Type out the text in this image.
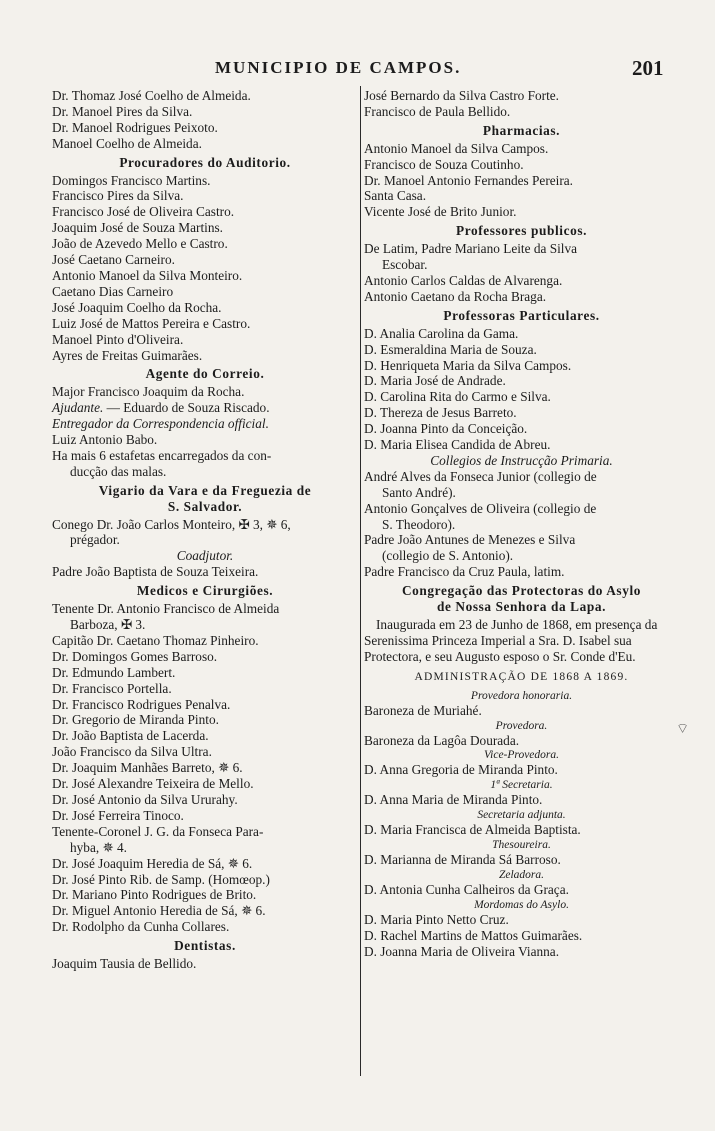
MUNICIPIO DE CAMPOS.	201
Dr. Thomaz José Coelho de Almeida.
Dr. Manoel Pires da Silva.
Dr. Manoel Rodrigues Peixoto.
Manoel Coelho de Almeida.
Procuradores do Auditorio.
Domingos Francisco Martins.
Francisco Pires da Silva.
Francisco José de Oliveira Castro.
Joaquim José de Souza Martins.
João de Azevedo Mello e Castro.
José Caetano Carneiro.
Antonio Manoel da Silva Monteiro.
Caetano Dias Carneiro
José Joaquim Coelho da Rocha.
Luiz José de Mattos Pereira e Castro.
Manoel Pinto d'Oliveira.
Ayres de Freitas Guimarães.
Agente do Correio.
Major Francisco Joaquim da Rocha.
Ajudante. — Eduardo de Souza Riscado.
Entregador da Correspondencia official.
Luiz Antonio Babo.
Ha mais 6 estafetas encarregados da con-
ducção das malas.
Vigario da Vara e da Freguezia de
S. Salvador.
Conego Dr. João Carlos Monteiro, ✠ 3, ✵ 6,
prégador.
Coadjutor.
Padre João Baptista de Souza Teixeira.
Medicos e Cirurgiões.
Tenente Dr. Antonio Francisco de Almeida
Barboza, ✠ 3.
Capitão Dr. Caetano Thomaz Pinheiro.
Dr. Domingos Gomes Barroso.
Dr. Edmundo Lambert.
Dr. Francisco Portella.
Dr. Francisco Rodrigues Penalva.
Dr. Gregorio de Miranda Pinto.
Dr. João Baptista de Lacerda.
João Francisco da Silva Ultra.
Dr. Joaquim Manhães Barreto, ✵ 6.
Dr. José Alexandre Teixeira de Mello.
Dr. José Antonio da Silva Ururahy.
Dr. José Ferreira Tinoco.
Tenente-Coronel J. G. da Fonseca Para-
hyba, ✵ 4.
Dr. José Joaquim Heredia de Sá, ✵ 6.
Dr. José Pinto Rib. de Samp. (Homœop.)
Dr. Mariano Pinto Rodrigues de Brito.
Dr. Miguel Antonio Heredia de Sá, ✵ 6.
Dr. Rodolpho da Cunha Collares.
Dentistas.
Joaquim Tausia de Bellido.
José Bernardo da Silva Castro Forte.
Francisco de Paula Bellido.
Pharmacias.
Antonio Manoel da Silva Campos.
Francisco de Souza Coutinho.
Dr. Manoel Antonio Fernandes Pereira.
Santa Casa.
Vicente José de Brito Junior.
Professores publicos.
De Latim, Padre Mariano Leite da Silva
Escobar.
Antonio Carlos Caldas de Alvarenga.
Antonio Caetano da Rocha Braga.
Professoras Particulares.
D. Analia Carolina da Gama.
D. Esmeraldina Maria de Souza.
D. Henriqueta Maria da Silva Campos.
D. Maria José de Andrade.
D. Carolina Rita do Carmo e Silva.
D. Thereza de Jesus Barreto.
D. Joanna Pinto da Conceição.
D. Maria Elisea Candida de Abreu.
Collegios de Instrucção Primaria.
André Alves da Fonseca Junior (collegio de
Santo André).
Antonio Gonçalves de Oliveira (collegio de
S. Theodoro).
Padre João Antunes de Menezes e Silva
(collegio de S. Antonio).
Padre Francisco da Cruz Paula, latim.
Congregação das Protectoras do Asylo
de Nossa Senhora da Lapa.
Inaugurada em 23 de Junho de 1868, em presença da Serenissima Princeza Imperial a Sra. D. Isabel sua Protectora, e seu Augusto esposo o Sr. Conde d'Eu.
ADMINISTRAÇÃO DE 1868 A 1869.
Provedora honoraria.
Baroneza de Muriahé.
Provedora.
Baroneza da Lagôa Dourada.
Vice-Provedora.
D. Anna Gregoria de Miranda Pinto.
1ª Secretaria.
D. Anna Maria de Miranda Pinto.
Secretaria adjunta.
D. Maria Francisca de Almeida Baptista.
Thesoureira.
D. Marianna de Miranda Sá Barroso.
Zeladora.
D. Antonia Cunha Calheiros da Graça.
Mordomas do Asylo.
D. Maria Pinto Netto Cruz.
D. Rachel Martins de Mattos Guimarães.
D. Joanna Maria de Oliveira Vianna.
⌔
